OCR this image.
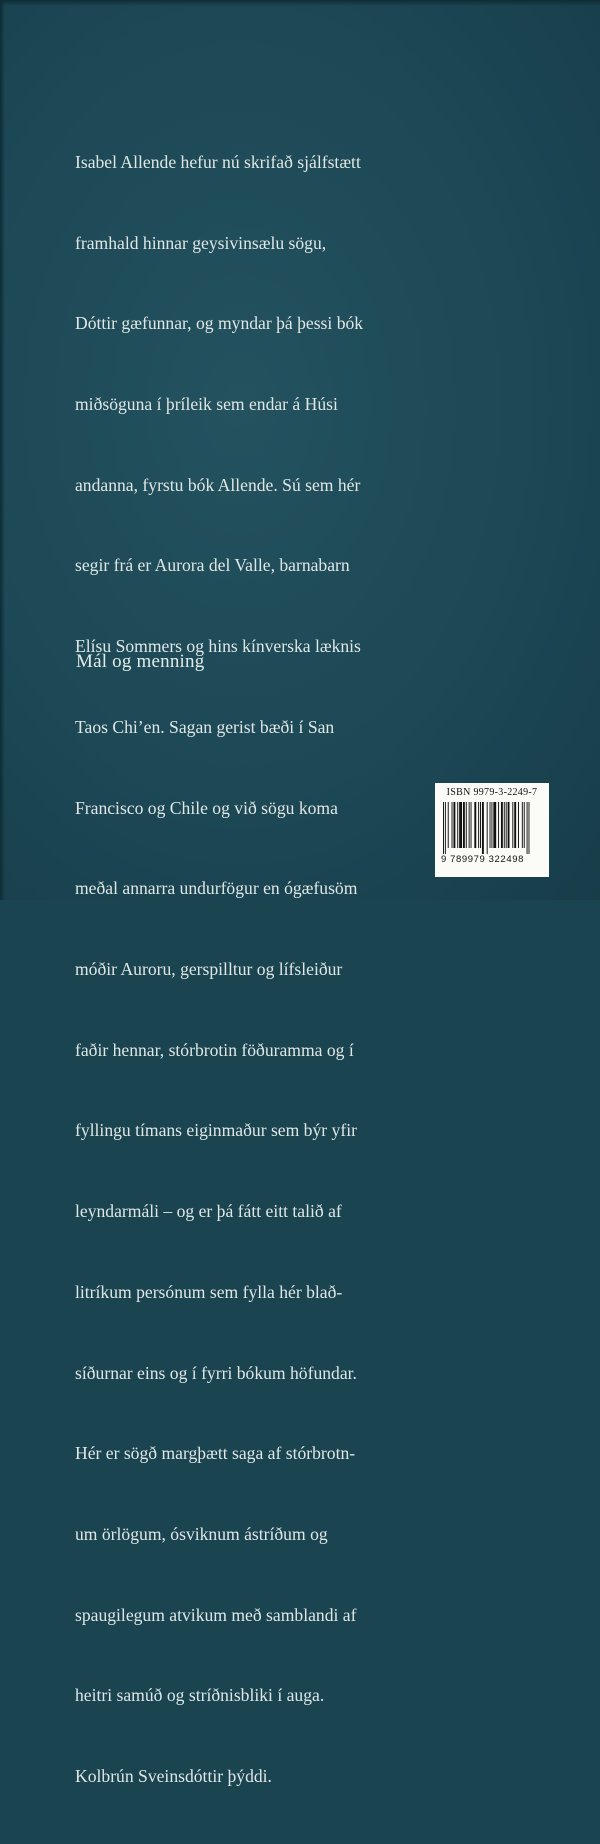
Isabel Allende hefur nú skrifað sjálfstætt

framhald hinnar geysivinsælu sögu,

Dóttir gæfunnar, og myndar þá þessi bók

miðsöguna í þríleik sem endar á Húsi

andanna, fyrstu bók Allende. Sú sem hér

segir frá er Aurora del Valle, barnabarn

Elísu Sommers og hins kínverska læknis

Taos Chi’en. Sagan gerist bæði í San

Francisco og Chile og við sögu koma

meðal annarra undurfögur en ógæfusöm

móðir Auroru, gerspilltur og lífsleiður

faðir hennar, stórbrotin föðuramma og í

fyllingu tímans eiginmaður sem býr yfir

leyndarmáli – og er þá fátt eitt talið af

litríkum persónum sem fylla hér blað-

síðurnar eins og í fyrri bókum höfundar.

Hér er sögð margþætt saga af stórbrotn-

um örlögum, ósviknum ástríðum og

spaugilegum atvikum með samblandi af

heitri samúð og stríðnisbliki í auga.

Kolbrún Sveinsdóttir þýddi.

Mál og menning
ISBN 9979-3-2249-7
9 789979 322498
